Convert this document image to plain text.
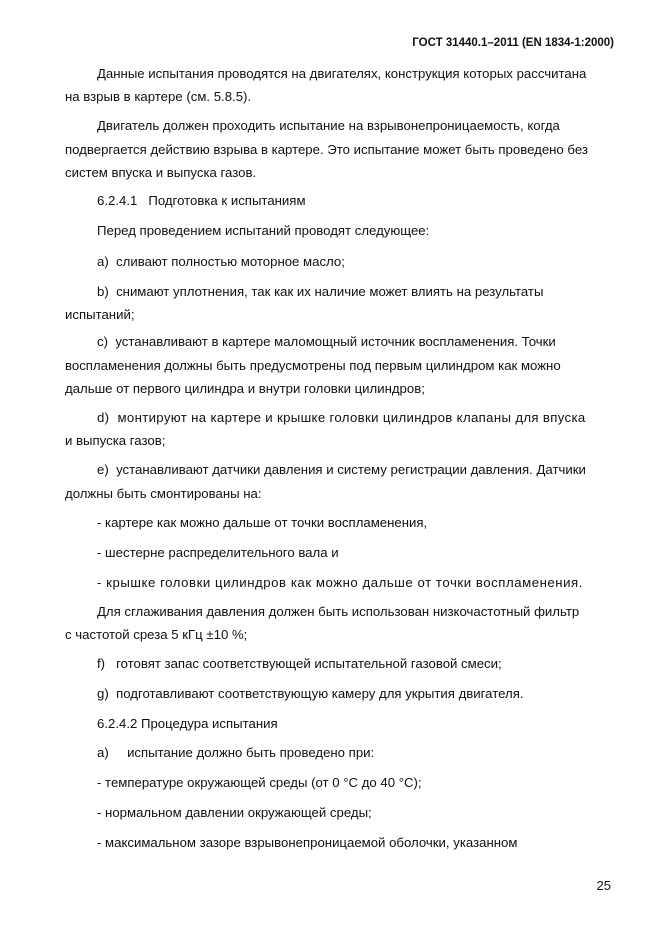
ГОСТ 31440.1–2011 (EN 1834-1:2000)
Данные испытания проводятся на двигателях, конструкция которых рассчитана
на взрыв в картере (см. 5.8.5).
Двигатель должен проходить испытание на взрывонепроницаемость, когда
подвергается действию взрыва в картере. Это испытание может быть проведено без
систем впуска и выпуска газов.
6.2.4.1 Подготовка к испытаниям
Перед проведением испытаний проводят следующее:
a) сливают полностью моторное масло;
b) снимают уплотнения, так как их наличие может влиять на результаты
испытаний;
c) устанавливают в картере маломощный источник воспламенения. Точки
воспламенения должны быть предусмотрены под первым цилиндром как можно
дальше от первого цилиндра и внутри головки цилиндров;
d) монтируют на картере и крышке головки цилиндров клапаны для впуска
и выпуска газов;
e) устанавливают датчики давления и систему регистрации давления. Датчики
должны быть смонтированы на:
- картере как можно дальше от точки воспламенения,
- шестерне распределительного вала и
- крышке головки цилиндров как можно дальше от точки воспламенения.
Для сглаживания давления должен быть использован низкочастотный фильтр
с частотой среза 5 кГц ±10 %;
f) готовят запас соответствующей испытательной газовой смеси;
g) подготавливают соответствующую камеру для укрытия двигателя.
6.2.4.2 Процедура испытания
a) испытание должно быть проведено при:
- температуре окружающей среды (от 0 °C до 40 °C);
- нормальном давлении окружающей среды;
- максимальном зазоре взрывонепроницаемой оболочки, указанном
25
